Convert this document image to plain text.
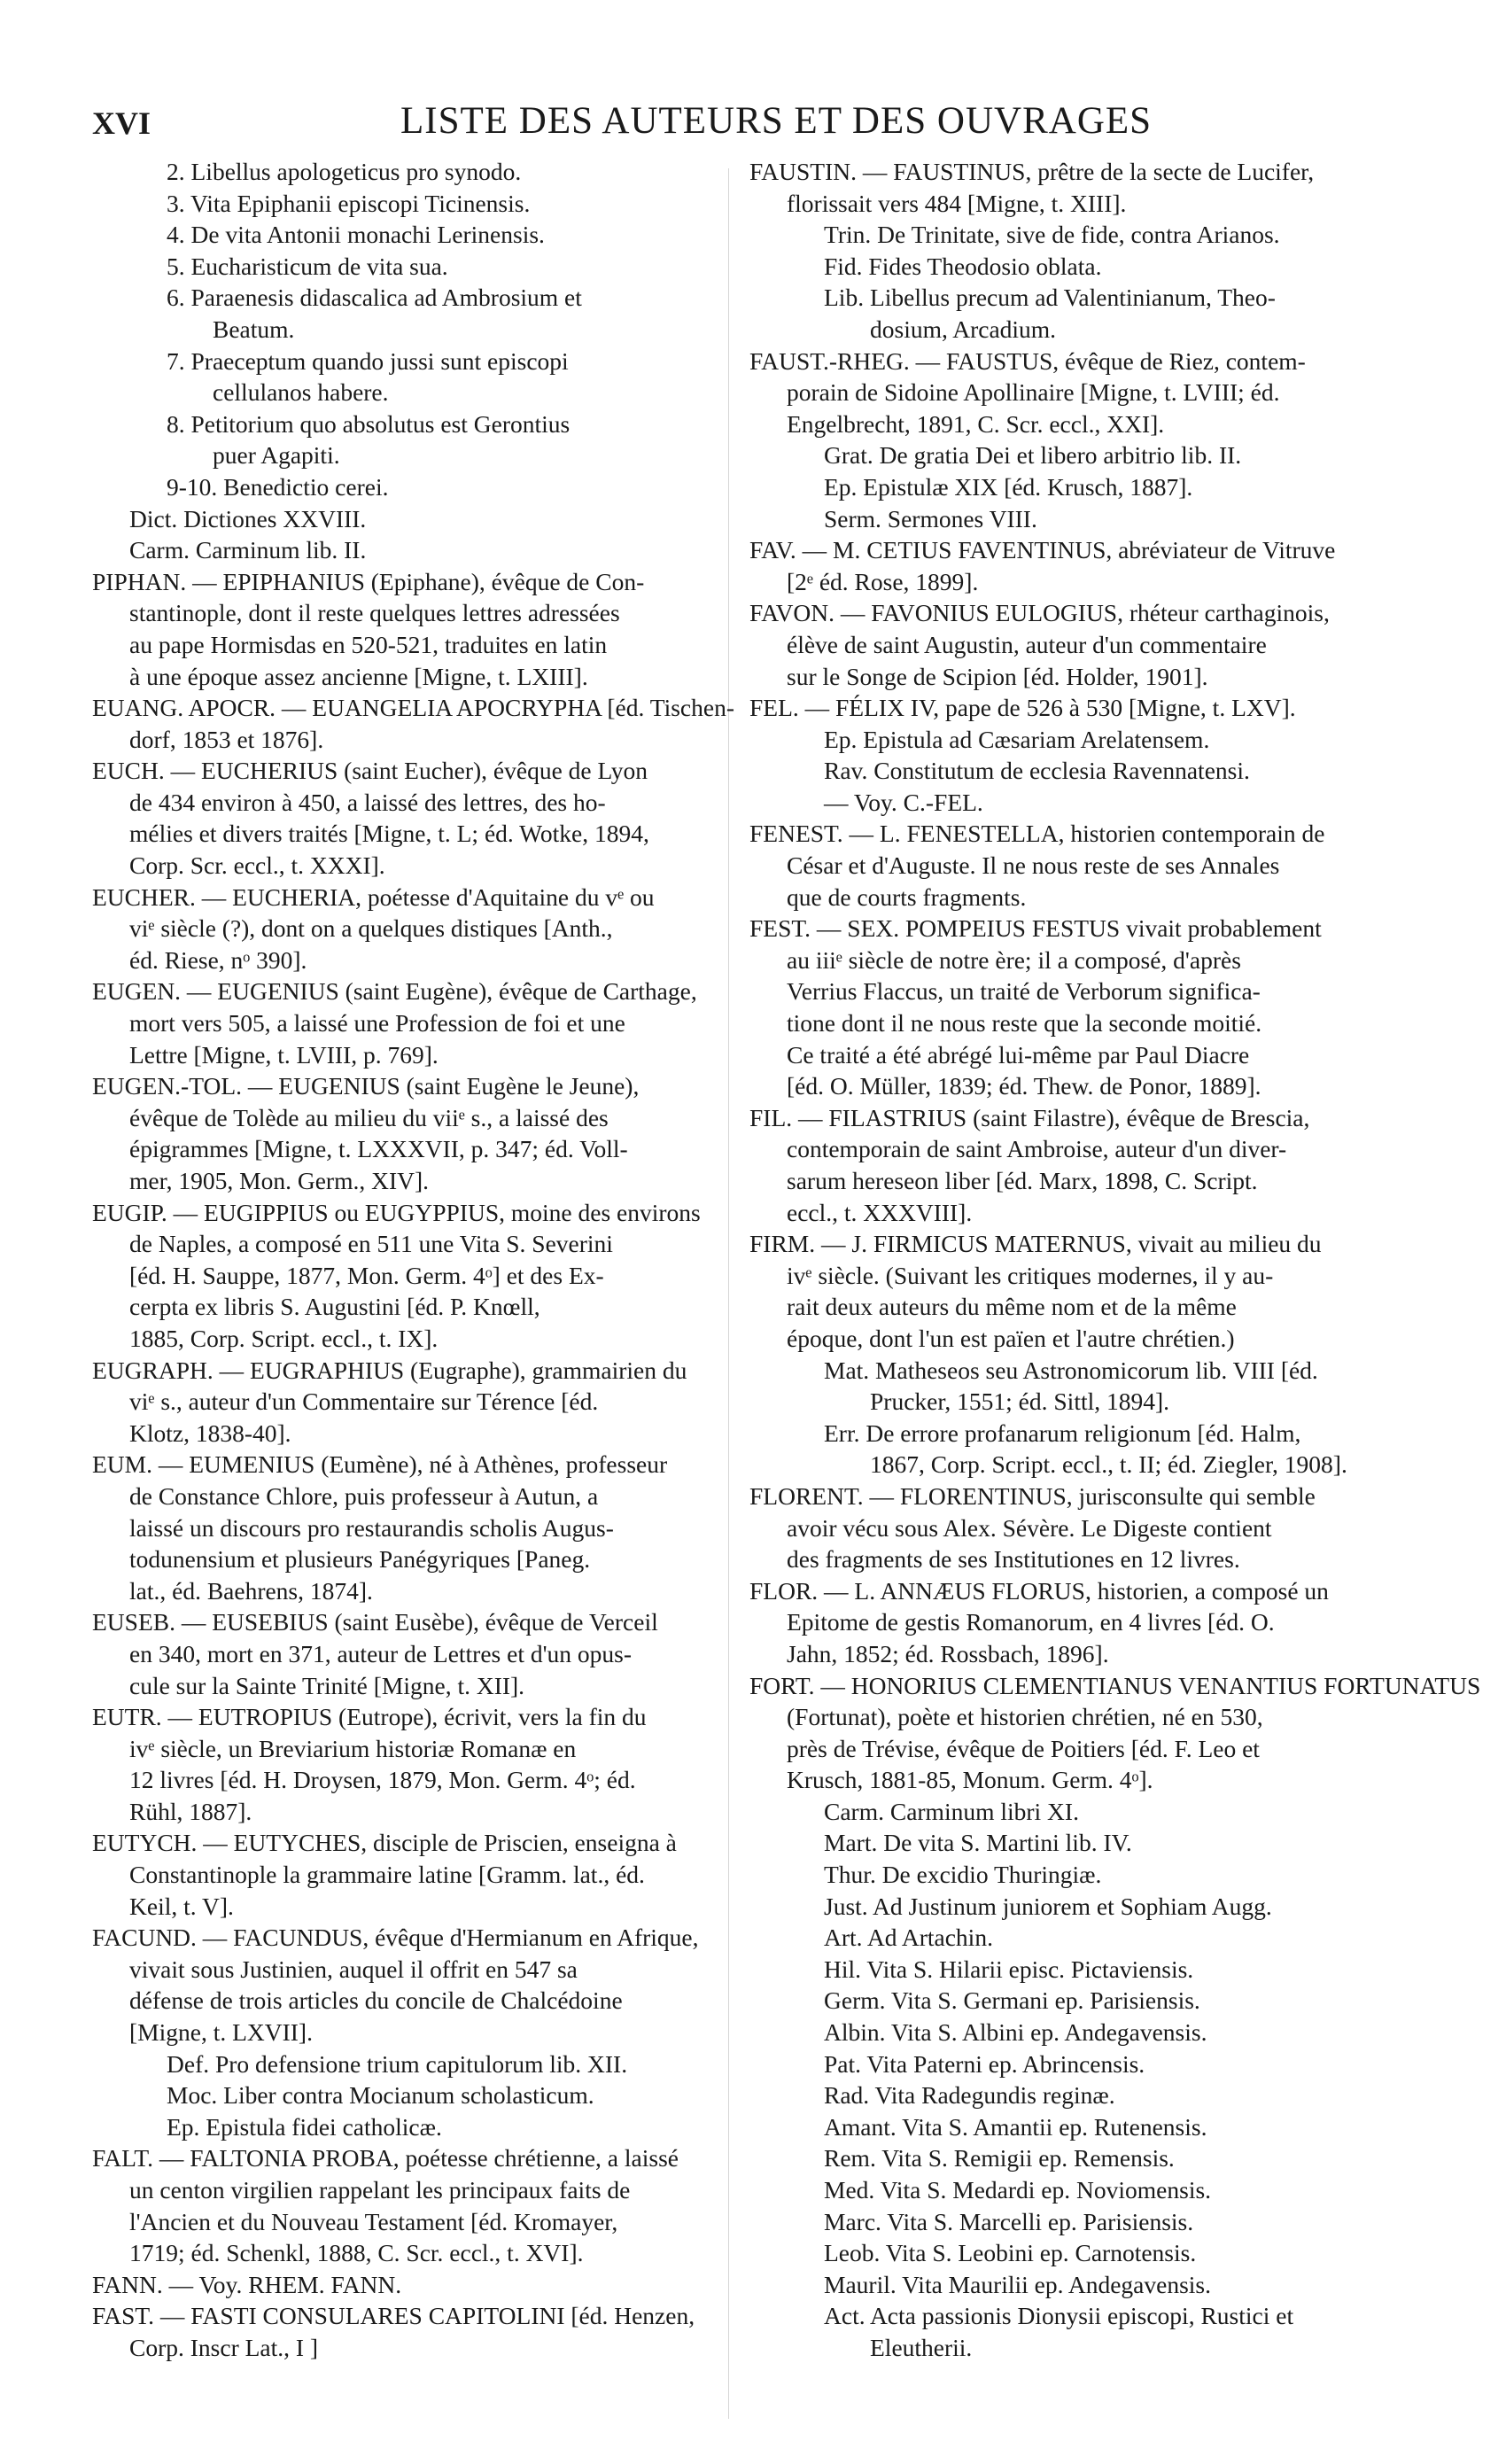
XVI	LISTE DES AUTEURS ET DES OUVRAGES
2. Libellus apologeticus pro synodo.
3. Vita Epiphanii episcopi Ticinensis.
4. De vita Antonii monachi Lerinensis.
5. Eucharisticum de vita sua.
6. Paraenesis didascalica ad Ambrosium et
Beatum.
7. Praeceptum quando jussi sunt episcopi
cellulanos habere.
8. Petitorium quo absolutus est Gerontius
puer Agapiti.
9-10. Benedictio cerei.
Dict. Dictiones XXVIII.
Carm. Carminum lib. II.
PIPHAN. — EPIPHANIUS (Epiphane), évêque de Con-
stantinople, dont il reste quelques lettres adressées
au pape Hormisdas en 520-521, traduites en latin
à une époque assez ancienne [Migne, t. LXIII].
EUANG. APOCR. — EUANGELIA APOCRYPHA [éd. Tischen-
dorf, 1853 et 1876].
EUCH. — EUCHERIUS (saint Eucher), évêque de Lyon
de 434 environ à 450, a laissé des lettres, des ho-
mélies et divers traités [Migne, t. L; éd. Wotke, 1894,
Corp. Scr. eccl., t. XXXI].
EUCHER. — EUCHERIA, poétesse d'Aquitaine du vᵉ ou
viᵉ siècle (?), dont on a quelques distiques [Anth.,
éd. Riese, nᵒ 390].
EUGEN. — EUGENIUS (saint Eugène), évêque de Carthage,
mort vers 505, a laissé une Profession de foi et une
Lettre [Migne, t. LVIII, p. 769].
EUGEN.-TOL. — EUGENIUS (saint Eugène le Jeune),
évêque de Tolède au milieu du viiᵉ s., a laissé des
épigrammes [Migne, t. LXXXVII, p. 347; éd. Voll-
mer, 1905, Mon. Germ., XIV].
EUGIP. — EUGIPPIUS ou EUGYPPIUS, moine des environs
de Naples, a composé en 511 une Vita S. Severini
[éd. H. Sauppe, 1877, Mon. Germ. 4ᵒ] et des Ex-
cerpta ex libris S. Augustini [éd. P. Knœll,
1885, Corp. Script. eccl., t. IX].
EUGRAPH. — EUGRAPHIUS (Eugraphe), grammairien du
viᵉ s., auteur d'un Commentaire sur Térence [éd.
Klotz, 1838-40].
EUM. — EUMENIUS (Eumène), né à Athènes, professeur
de Constance Chlore, puis professeur à Autun, a
laissé un discours pro restaurandis scholis Augus-
todunensium et plusieurs Panégyriques [Paneg.
lat., éd. Baehrens, 1874].
EUSEB. — EUSEBIUS (saint Eusèbe), évêque de Verceil
en 340, mort en 371, auteur de Lettres et d'un opus-
cule sur la Sainte Trinité [Migne, t. XII].
EUTR. — EUTROPIUS (Eutrope), écrivit, vers la fin du
ivᵉ siècle, un Breviarium historiæ Romanæ en
12 livres [éd. H. Droysen, 1879, Mon. Germ. 4ᵒ; éd.
Rühl, 1887].
EUTYCH. — EUTYCHES, disciple de Priscien, enseigna à
Constantinople la grammaire latine [Gramm. lat., éd.
Keil, t. V].
FACUND. — FACUNDUS, évêque d'Hermianum en Afrique,
vivait sous Justinien, auquel il offrit en 547 sa
défense de trois articles du concile de Chalcédoine
[Migne, t. LXVII].
Def. Pro defensione trium capitulorum lib. XII.
Moc. Liber contra Mocianum scholasticum.
Ep. Epistula fidei catholicæ.
FALT. — FALTONIA PROBA, poétesse chrétienne, a laissé
un centon virgilien rappelant les principaux faits de
l'Ancien et du Nouveau Testament [éd. Kromayer,
1719; éd. Schenkl, 1888, C. Scr. eccl., t. XVI].
FANN. — Voy. RHEM. FANN.
FAST. — FASTI CONSULARES CAPITOLINI [éd. Henzen,
Corp. Inscr Lat., I ]
FAUSTIN. — FAUSTINUS, prêtre de la secte de Lucifer,
florissait vers 484 [Migne, t. XIII].
Trin. De Trinitate, sive de fide, contra Arianos.
Fid. Fides Theodosio oblata.
Lib. Libellus precum ad Valentinianum, Theo-
dosium, Arcadium.
FAUST.-RHEG. — FAUSTUS, évêque de Riez, contem-
porain de Sidoine Apollinaire [Migne, t. LVIII; éd.
Engelbrecht, 1891, C. Scr. eccl., XXI].
Grat. De gratia Dei et libero arbitrio lib. II.
Ep. Epistulæ XIX [éd. Krusch, 1887].
Serm. Sermones VIII.
FAV. — M. CETIUS FAVENTINUS, abréviateur de Vitruve
[2ᵉ éd. Rose, 1899].
FAVON. — FAVONIUS EULOGIUS, rhéteur carthaginois,
élève de saint Augustin, auteur d'un commentaire
sur le Songe de Scipion [éd. Holder, 1901].
FEL. — FÉLIX IV, pape de 526 à 530 [Migne, t. LXV].
Ep. Epistula ad Cæsariam Arelatensem.
Rav. Constitutum de ecclesia Ravennatensi.
— Voy. C.-FEL.
FENEST. — L. FENESTELLA, historien contemporain de
César et d'Auguste. Il ne nous reste de ses Annales
que de courts fragments.
FEST. — SEX. POMPEIUS FESTUS vivait probablement
au iiiᵉ siècle de notre ère; il a composé, d'après
Verrius Flaccus, un traité de Verborum significa-
tione dont il ne nous reste que la seconde moitié.
Ce traité a été abrégé lui-même par Paul Diacre
[éd. O. Müller, 1839; éd. Thew. de Ponor, 1889].
FIL. — FILASTRIUS (saint Filastre), évêque de Brescia,
contemporain de saint Ambroise, auteur d'un diver-
sarum hereseon liber [éd. Marx, 1898, C. Script.
eccl., t. XXXVIII].
FIRM. — J. FIRMICUS MATERNUS, vivait au milieu du
ivᵉ siècle. (Suivant les critiques modernes, il y au-
rait deux auteurs du même nom et de la même
époque, dont l'un est païen et l'autre chrétien.)
Mat. Matheseos seu Astronomicorum lib. VIII [éd.
Prucker, 1551; éd. Sittl, 1894].
Err. De errore profanarum religionum [éd. Halm,
1867, Corp. Script. eccl., t. II; éd. Ziegler, 1908].
FLORENT. — FLORENTINUS, jurisconsulte qui semble
avoir vécu sous Alex. Sévère. Le Digeste contient
des fragments de ses Institutiones en 12 livres.
FLOR. — L. ANNÆUS FLORUS, historien, a composé un
Epitome de gestis Romanorum, en 4 livres [éd. O.
Jahn, 1852; éd. Rossbach, 1896].
FORT. — HONORIUS CLEMENTIANUS VENANTIUS FORTUNATUS
(Fortunat), poète et historien chrétien, né en 530,
près de Trévise, évêque de Poitiers [éd. F. Leo et
Krusch, 1881-85, Monum. Germ. 4ᵒ].
Carm. Carminum libri XI.
Mart. De vita S. Martini lib. IV.
Thur. De excidio Thuringiæ.
Just. Ad Justinum juniorem et Sophiam Augg.
Art. Ad Artachin.
Hil. Vita S. Hilarii episc. Pictaviensis.
Germ. Vita S. Germani ep. Parisiensis.
Albin. Vita S. Albini ep. Andegavensis.
Pat. Vita Paterni ep. Abrincensis.
Rad. Vita Radegundis reginæ.
Amant. Vita S. Amantii ep. Rutenensis.
Rem. Vita S. Remigii ep. Remensis.
Med. Vita S. Medardi ep. Noviomensis.
Marc. Vita S. Marcelli ep. Parisiensis.
Leob. Vita S. Leobini ep. Carnotensis.
Mauril. Vita Maurilii ep. Andegavensis.
Act. Acta passionis Dionysii episcopi, Rustici et
Eleutherii.
